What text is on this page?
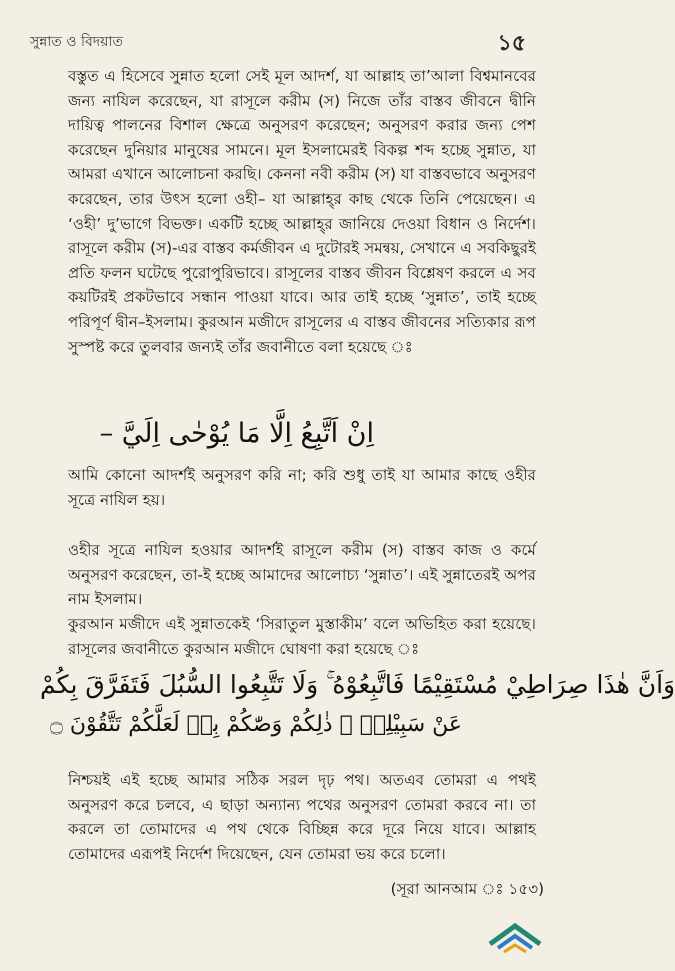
সুন্নাত ও বিদয়াত	১৫

বস্তুত এ হিসেবে সুন্নাত হলো সেই মূল আদর্শ, যা আল্লাহ তা’আলা বিশ্বমানবের জন্য নাযিল করেছেন, যা রাসূলে করীম (স) নিজে তাঁর বাস্তব জীবনে দ্বীনি দায়িত্ব পালনের বিশাল ক্ষেত্রে অনুসরণ করেছেন; অনুসরণ করার জন্য পেশ করেছেন দুনিয়ার মানুষের সামনে। মূল ইসলামেরই বিকল্প শব্দ হচ্ছে সুন্নাত, যা আমরা এখানে আলোচনা করছি। কেননা নবী করীম (স) যা বাস্তবভাবে অনুসরণ করেছেন, তার উৎস হলো ওহী– যা আল্লাহ্‌র কাছ থেকে তিনি পেয়েছেন। এ ‘ওহী’ দু’ভাগে বিভক্ত। একটি হচ্ছে আল্লাহ্‌র জানিয়ে দেওয়া বিধান ও নির্দেশ। রাসূলে করীম (স)-এর বাস্তব কর্মজীবন এ দুটোরই সমন্বয়, সেখানে এ সবকিছুরই প্রতি ফলন ঘটেছে পুরোপুরিভাবে। রাসূলের বাস্তব জীবন বিশ্লেষণ করলে এ সব কয়টিরই প্রকটভাবে সন্ধান পাওয়া যাবে। আর তাই হচ্ছে ‘সুন্নাত’, তাই হচ্ছে পরিপূর্ণ দ্বীন–ইসলাম। কুরআন মজীদে রাসূলের এ বাস্তব জীবনের সত্যিকার রূপ সুস্পষ্ট করে তুলবার জন্যই তাঁর জবানীতে বলা হয়েছে ঃ

اِنْ اَتَّبِعُ اِلَّا مَا يُوْحٰى اِلَيَّ –

আমি কোনো আদর্শই অনুসরণ করি না; করি শুধু তাই যা আমার কাছে ওহীর সূত্রে নাযিল হয়।

ওহীর সূত্রে নাযিল হওয়ার আদর্শই রাসূলে করীম (স) বাস্তব কাজ ও কর্মে অনুসরণ করেছেন, তা-ই হচ্ছে আমাদের আলোচ্য ‘সুন্নাত’। এই সুন্নাতেরই অপর নাম ইসলাম।

কুরআন মজীদে এই সুন্নাতকেই ‘সিরাতুল মুস্তাকীম’ বলে অভিহিত করা হয়েছে। রাসূলের জবানীতে কুরআন মজীদে ঘোষণা করা হয়েছে ঃ

وَاَنَّ هٰذَا صِرَاطِيْ مُسْتَقِيْمًا فَاتَّبِعُوْهُ ۚ وَلَا تَتَّبِعُوا السُّبُلَ فَتَفَرَّقَ بِكُمْ
عَنْ سَبِيْلِهٖ ۗ ذٰلِكُمْ وَصّٰكُمْ بِهٖ لَعَلَّكُمْ تَتَّقُوْنَ ۝

নিশ্চয়ই এই হচ্ছে আমার সঠিক সরল দৃঢ় পথ। অতএব তোমরা এ পথই অনুসরণ করে চলবে, এ ছাড়া অন্যান্য পথের অনুসরণ তোমরা করবে না। তা করলে তা তোমাদের এ পথ থেকে বিচ্ছিন্ন করে দূরে নিয়ে যাবে। আল্লাহ তোমাদের এরূপই নির্দেশ দিয়েছেন, যেন তোমরা ভয় করে চলো।

(সূরা আনআম ঃ ১৫৩)
